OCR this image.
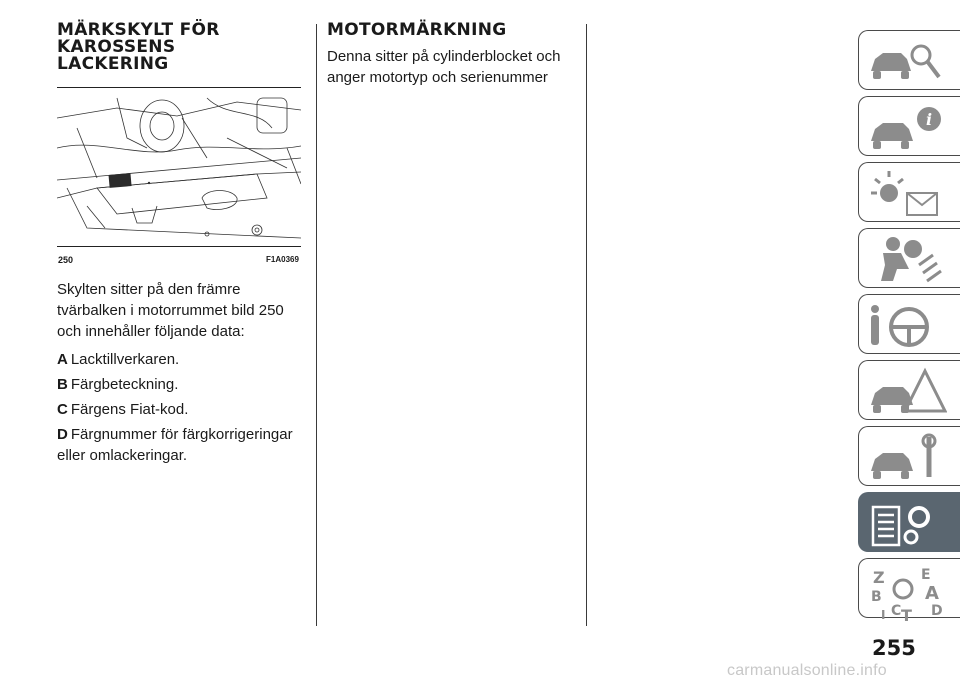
MÄRKSKYLT FÖR
KAROSSENS
LACKERING
250	F1A0369
Skylten sitter på den främre
tvärbalken i motorrummet bild 250
och innehåller följande data:
A Lacktillverkaren.
B Färgbeteckning.
C Färgens Fiat-kod.
D Färgnummer för färgkorrigeringar
eller omlackeringar.
MOTORMÄRKNING
Denna sitter på cylinderblocket och
anger motortyp och serienummer
i
Z	E
B A
C D
I T
255
carmanualsonline.info
